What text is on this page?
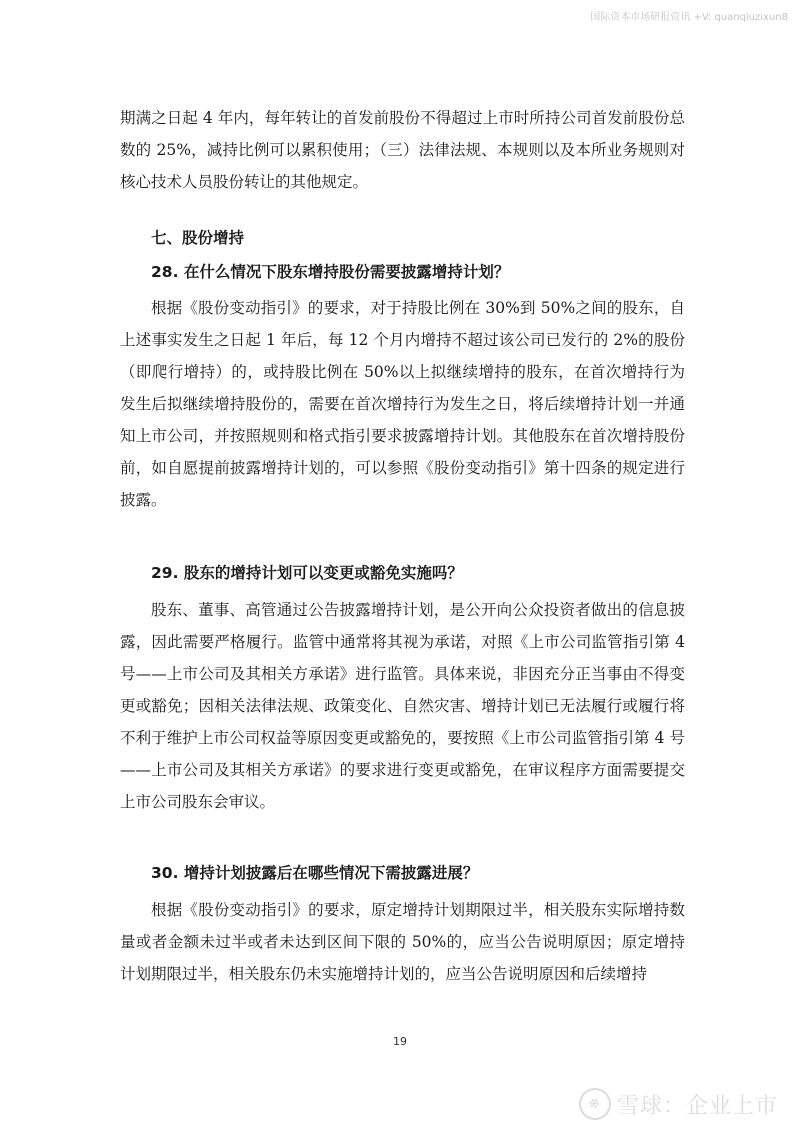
国际资本市场研报资讯 +V: quanqiuzixun8

期满之日起 4 年内，每年转让的首发前股份不得超过上市时所持公司首发前股份总数的 25%，减持比例可以累积使用；（三）法律法规、本规则以及本所业务规则对核心技术人员股份转让的其他规定。

七、股份增持

28. 在什么情况下股东增持股份需要披露增持计划？

根据《股份变动指引》的要求，对于持股比例在 30%到 50%之间的股东，自上述事实发生之日起 1 年后，每 12 个月内增持不超过该公司已发行的 2%的股份（即爬行增持）的，或持股比例在 50%以上拟继续增持的股东，在首次增持行为发生后拟继续增持股份的，需要在首次增持行为发生之日，将后续增持计划一并通知上市公司，并按照规则和格式指引要求披露增持计划。其他股东在首次增持股份前，如自愿提前披露增持计划的，可以参照《股份变动指引》第十四条的规定进行披露。

29. 股东的增持计划可以变更或豁免实施吗？

股东、董事、高管通过公告披露增持计划，是公开向公众投资者做出的信息披露，因此需要严格履行。监管中通常将其视为承诺，对照《上市公司监管指引第 4 号——上市公司及其相关方承诺》进行监管。具体来说，非因充分正当事由不得变更或豁免；因相关法律法规、政策变化、自然灾害、增持计划已无法履行或履行将不利于维护上市公司权益等原因变更或豁免的，要按照《上市公司监管指引第 4 号——上市公司及其相关方承诺》的要求进行变更或豁免，在审议程序方面需要提交上市公司股东会审议。

30. 增持计划披露后在哪些情况下需披露进展？

根据《股份变动指引》的要求，原定增持计划期限过半，相关股东实际增持数量或者金额未过半或者未达到区间下限的 50%的，应当公告说明原因；原定增持计划期限过半，相关股东仍未实施增持计划的，应当公告说明原因和后续增持

19
❄ 雪球：企业上市
